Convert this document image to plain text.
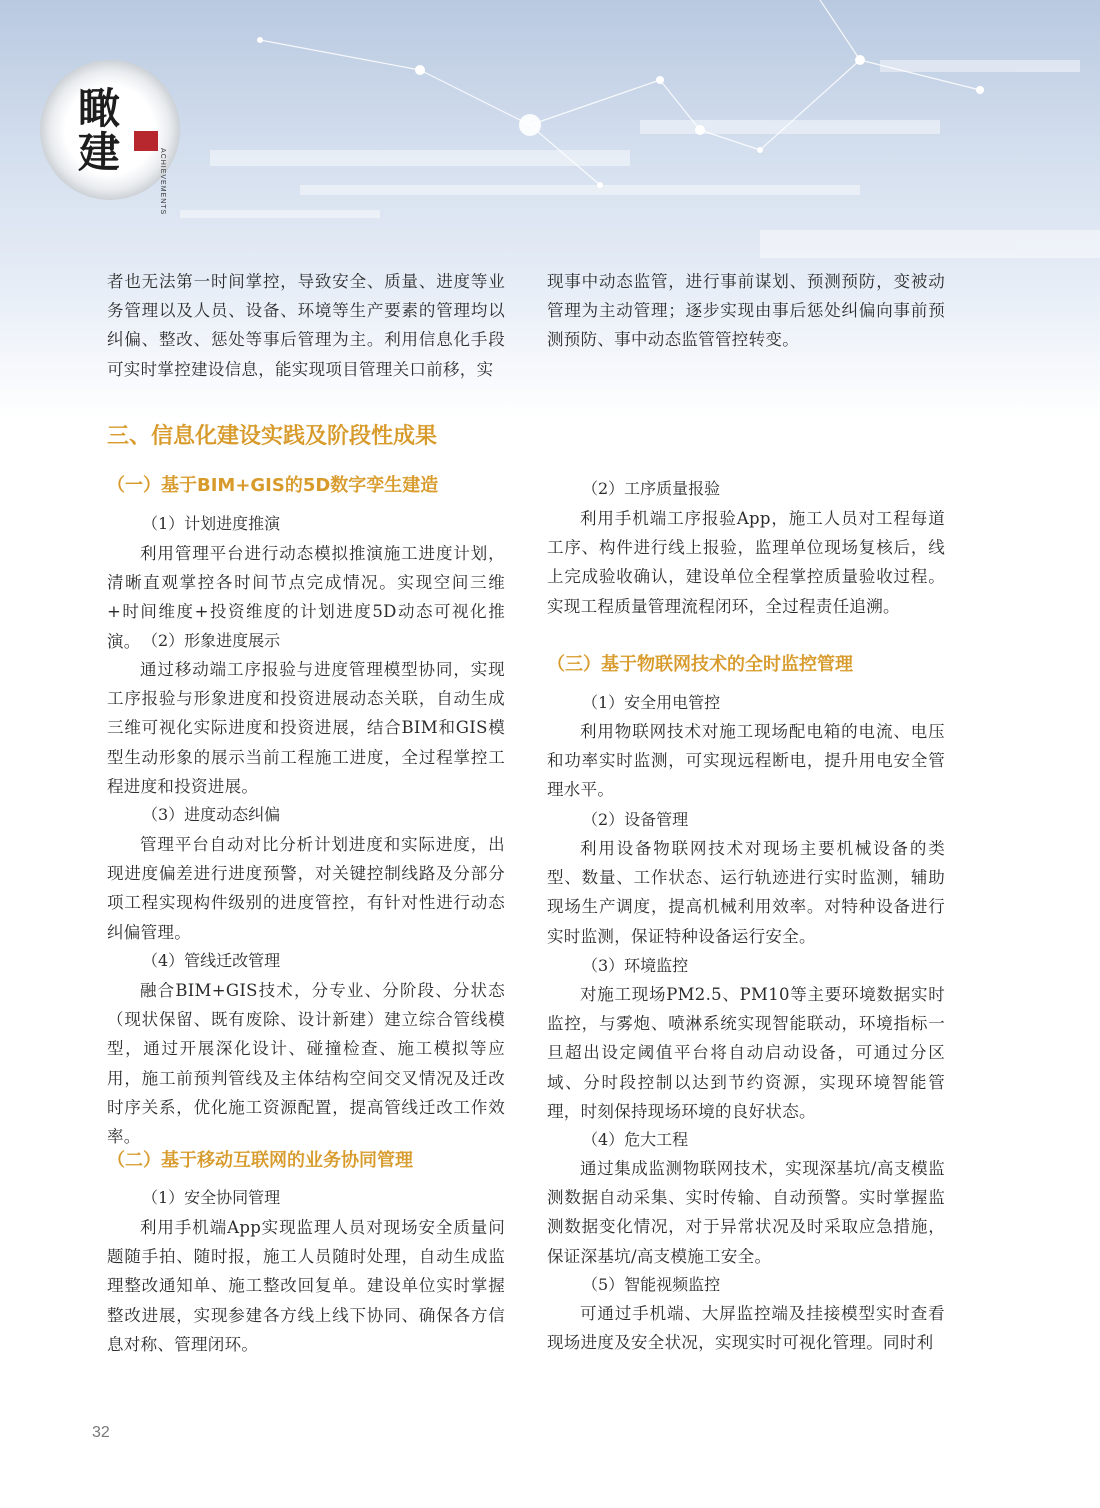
瞰
建	ACHIEVEMENTS

者也无法第一时间掌控，导致安全、质量、进度等业务管理以及人员、设备、环境等生产要素的管理均以纠偏、整改、惩处等事后管理为主。利用信息化手段可实时掌控建设信息，能实现项目管理关口前移，实

现事中动态监管，进行事前谋划、预测预防，变被动管理为主动管理；逐步实现由事后惩处纠偏向事前预测预防、事中动态监管管控转变。

三、信息化建设实践及阶段性成果
（一）基于BIM+GIS的5D数字孪生建造

（1）计划进度推演

利用管理平台进行动态模拟推演施工进度计划，清晰直观掌控各时间节点完成情况。实现空间三维+时间维度+投资维度的计划进度5D动态可视化推演。 （2）形象进度展示

通过移动端工序报验与进度管理模型协同，实现工序报验与形象进度和投资进展动态关联，自动生成三维可视化实际进度和投资进展，结合BIM和GIS模型生动形象的展示当前工程施工进度，全过程掌控工程进度和投资进展。

（3）进度动态纠偏

管理平台自动对比分析计划进度和实际进度，出现进度偏差进行进度预警，对关键控制线路及分部分项工程实现构件级别的进度管控，有针对性进行动态纠偏管理。

（4）管线迁改管理

融合BIM+GIS技术，分专业、分阶段、分状态（现状保留、既有废除、设计新建）建立综合管线模型，通过开展深化设计、碰撞检查、施工模拟等应用，施工前预判管线及主体结构空间交叉情况及迁改时序关系，优化施工资源配置，提高管线迁改工作效率。

（二）基于移动互联网的业务协同管理

（1）安全协同管理

利用手机端App实现监理人员对现场安全质量问题随手拍、随时报，施工人员随时处理，自动生成监理整改通知单、施工整改回复单。建设单位实时掌握整改进展，实现参建各方线上线下协同、确保各方信息对称、管理闭环。

（2）工序质量报验

利用手机端工序报验App，施工人员对工程每道工序、构件进行线上报验，监理单位现场复核后，线上完成验收确认，建设单位全程掌控质量验收过程。实现工程质量管理流程闭环，全过程责任追溯。

（三）基于物联网技术的全时监控管理

（1）安全用电管控

利用物联网技术对施工现场配电箱的电流、电压和功率实时监测，可实现远程断电，提升用电安全管理水平。

（2）设备管理

利用设备物联网技术对现场主要机械设备的类型、数量、工作状态、运行轨迹进行实时监测，辅助现场生产调度，提高机械利用效率。对特种设备进行实时监测，保证特种设备运行安全。

（3）环境监控

对施工现场PM2.5、PM10等主要环境数据实时监控，与雾炮、喷淋系统实现智能联动，环境指标一旦超出设定阈值平台将自动启动设备，可通过分区域、分时段控制以达到节约资源，实现环境智能管理，时刻保持现场环境的良好状态。

（4）危大工程

通过集成监测物联网技术，实现深基坑/高支模监测数据自动采集、实时传输、自动预警。实时掌握监测数据变化情况，对于异常状况及时采取应急措施，保证深基坑/高支模施工安全。

（5）智能视频监控

可通过手机端、大屏监控端及挂接模型实时查看现场进度及安全状况，实现实时可视化管理。同时利

32
